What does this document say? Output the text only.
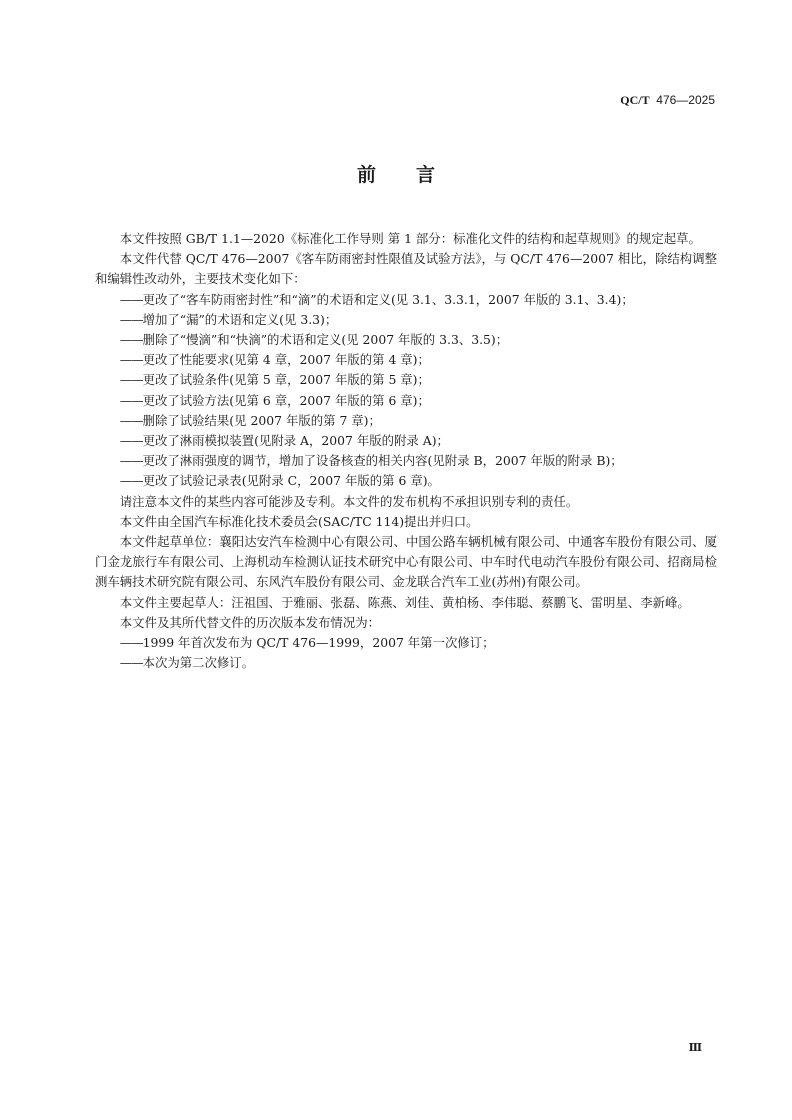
QC/T 476—2025
前言

本文件按照 GB/T 1.1—2020《标准化工作导则 第 1 部分：标准化文件的结构和起草规则》的规定起草。

本文件代替 QC/T 476—2007《客车防雨密封性限值及试验方法》，与 QC/T 476—2007 相比，除结构调整和编辑性改动外，主要技术变化如下：

——更改了“客车防雨密封性”和“滴”的术语和定义(见 3.1、3.3.1，2007 年版的 3.1、3.4)；

——增加了“漏”的术语和定义(见 3.3)；

——删除了“慢滴”和“快滴”的术语和定义(见 2007 年版的 3.3、3.5)；

——更改了性能要求(见第 4 章，2007 年版的第 4 章)；

——更改了试验条件(见第 5 章，2007 年版的第 5 章)；

——更改了试验方法(见第 6 章，2007 年版的第 6 章)；

——删除了试验结果(见 2007 年版的第 7 章)；

——更改了淋雨模拟装置(见附录 A，2007 年版的附录 A)；

——更改了淋雨强度的调节，增加了设备核查的相关内容(见附录 B，2007 年版的附录 B)；

——更改了试验记录表(见附录 C，2007 年版的第 6 章)。

请注意本文件的某些内容可能涉及专利。本文件的发布机构不承担识别专利的责任。

本文件由全国汽车标准化技术委员会(SAC/TC 114)提出并归口。

本文件起草单位：襄阳达安汽车检测中心有限公司、中国公路车辆机械有限公司、中通客车股份有限公司、厦门金龙旅行车有限公司、上海机动车检测认证技术研究中心有限公司、中车时代电动汽车股份有限公司、招商局检测车辆技术研究院有限公司、东风汽车股份有限公司、金龙联合汽车工业(苏州)有限公司。

本文件主要起草人：汪祖国、于雅丽、张磊、陈燕、刘佳、黄柏杨、李伟聪、蔡鹏飞、雷明星、李新峰。

本文件及其所代替文件的历次版本发布情况为：

——1999 年首次发布为 QC/T 476—1999，2007 年第一次修订；

——本次为第二次修订。

Ⅲ
